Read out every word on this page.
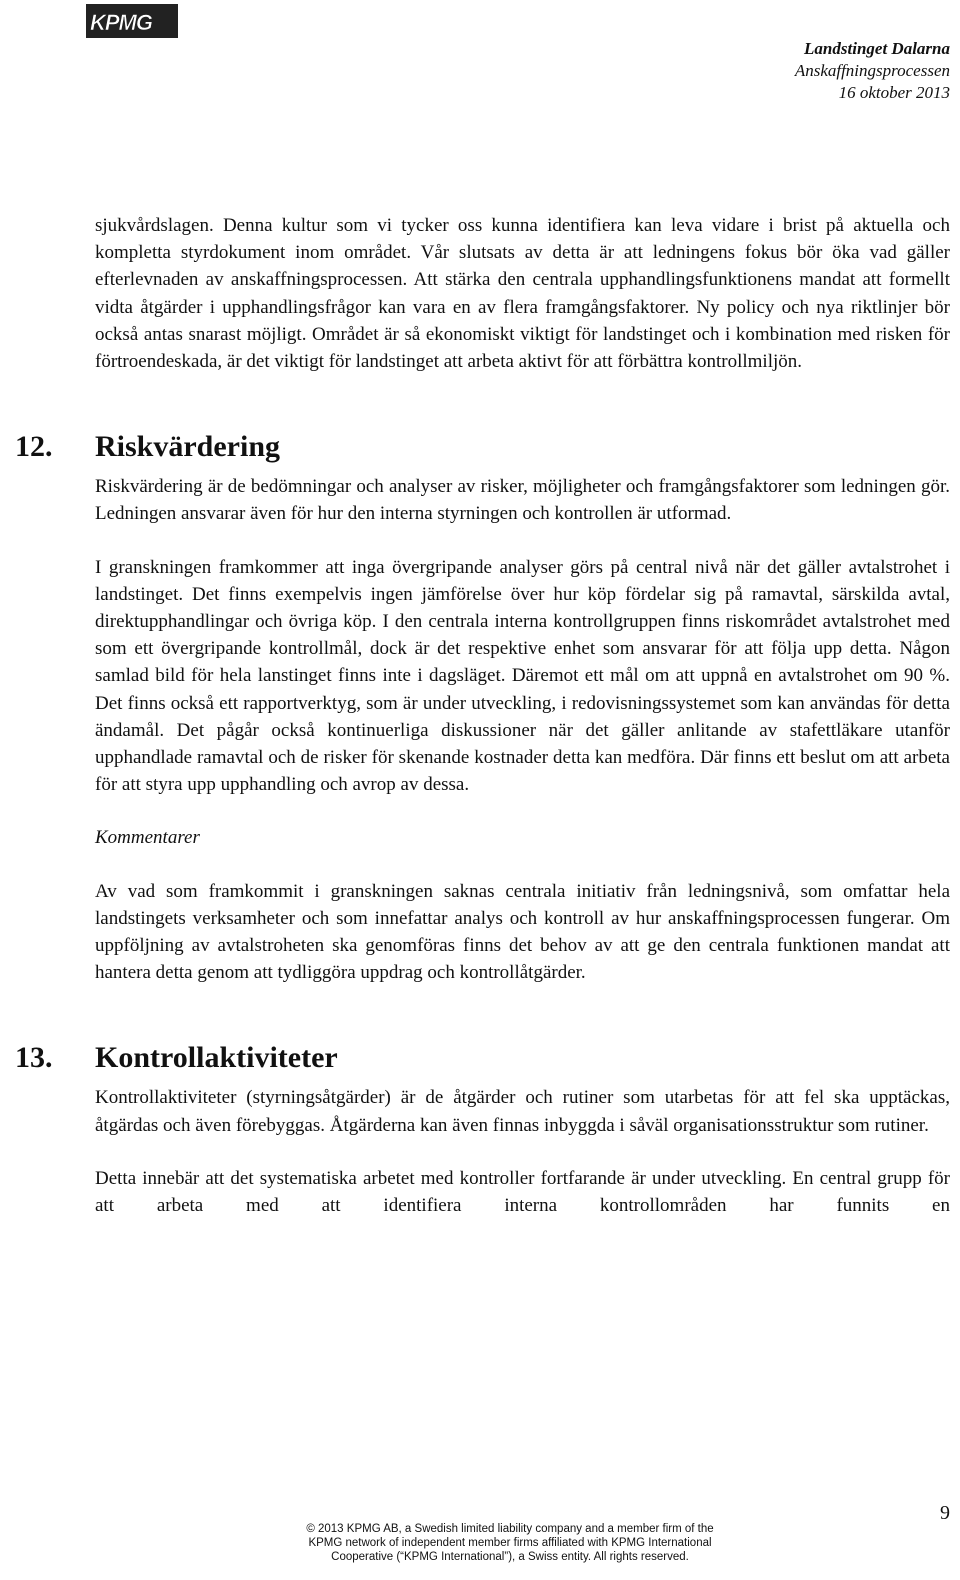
KPMG
Landstinget Dalarna
Anskaffningsprocessen
16 oktober 2013

sjukvårdslagen. Denna kultur som vi tycker oss kunna identifiera kan leva vidare i brist på aktuella och kompletta styrdokument inom området. Vår slutsats av detta är att ledningens fokus bör öka vad gäller efterlevnaden av anskaffningsprocessen. Att stärka den centrala upphandlingsfunktionens mandat att formellt vidta åtgärder i upphandlingsfrågor kan vara en av flera framgångsfaktorer. Ny policy och nya riktlinjer bör också antas snarast möjligt. Området är så ekonomiskt viktigt för landstinget och i kombination med risken för förtroendeskada, är det viktigt för landstinget att arbeta aktivt för att förbättra kontrollmiljön.

12. Riskvärdering

Riskvärdering är de bedömningar och analyser av risker, möjligheter och framgångsfaktorer som ledningen gör. Ledningen ansvarar även för hur den interna styrningen och kontrollen är utformad.

I granskningen framkommer att inga övergripande analyser görs på central nivå när det gäller avtalstrohet i landstinget. Det finns exempelvis ingen jämförelse över hur köp fördelar sig på ramavtal, särskilda avtal, direktupphandlingar och övriga köp. I den centrala interna kontrollgruppen finns riskområdet avtalstrohet med som ett övergripande kontrollmål, dock är det respektive enhet som ansvarar för att följa upp detta. Någon samlad bild för hela lanstinget finns inte i dagsläget. Däremot ett mål om att uppnå en avtalstrohet om 90 %. Det finns också ett rapportverktyg, som är under utveckling, i redovisningssystemet som kan användas för detta ändamål. Det pågår också kontinuerliga diskussioner när det gäller anlitande av stafettläkare utanför upphandlade ramavtal och de risker för skenande kostnader detta kan medföra. Där finns ett beslut om att arbeta för att styra upp upphandling och avrop av dessa.

Kommentarer

Av vad som framkommit i granskningen saknas centrala initiativ från ledningsnivå, som omfattar hela landstingets verksamheter och som innefattar analys och kontroll av hur anskaffningsprocessen fungerar. Om uppföljning av avtalstroheten ska genomföras finns det behov av att ge den centrala funktionen mandat att hantera detta genom att tydliggöra uppdrag och kontrollåtgärder.

13. Kontrollaktiviteter

Kontrollaktiviteter (styrningsåtgärder) är de åtgärder och rutiner som utarbetas för att fel ska upptäckas, åtgärdas och även förebyggas. Åtgärderna kan även finnas inbyggda i såväl organisationsstruktur som rutiner.

Detta innebär att det systematiska arbetet med kontroller fortfarande är under utveckling. En central grupp för att arbeta med att identifiera interna kontrollområden har funnits en

9
© 2013 KPMG AB, a Swedish limited liability company and a member firm of the
KPMG network of independent member firms affiliated with KPMG International
Cooperative (“KPMG International”), a Swiss entity. All rights reserved.
